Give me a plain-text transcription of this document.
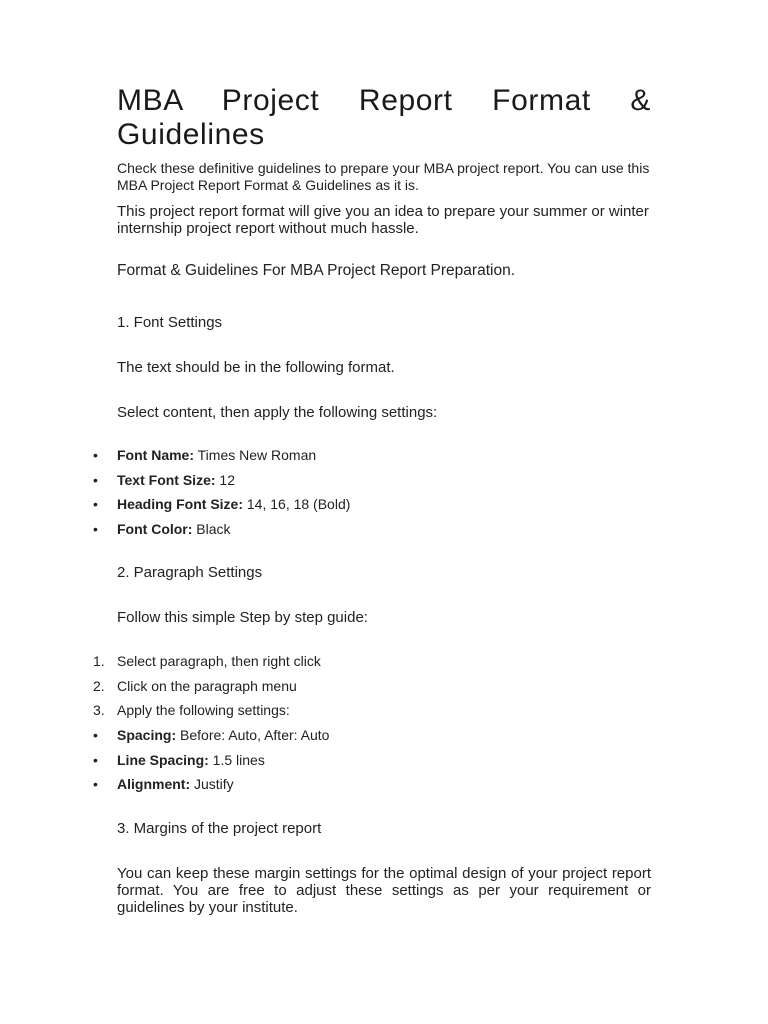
MBA Project Report Format &
Guidelines

Check these definitive guidelines to prepare your MBA project report. You can use this MBA Project Report Format & Guidelines as it is.

This project report format will give you an idea to prepare your summer or winter internship project report without much hassle.

Format & Guidelines For MBA Project Report Preparation.

1. Font Settings

The text should be in the following format.

Select content, then apply the following settings:

• Font Name: Times New Roman
• Text Font Size: 12
• Heading Font Size: 14, 16, 18 (Bold)
• Font Color: Black

2. Paragraph Settings

Follow this simple Step by step guide:

1. Select paragraph, then right click
2. Click on the paragraph menu
3. Apply the following settings:
• Spacing: Before: Auto, After: Auto
• Line Spacing: 1.5 lines
• Alignment: Justify

3. Margins of the project report

You can keep these margin settings for the optimal design of your project report format. You are free to adjust these settings as per your requirement or guidelines by your institute.
